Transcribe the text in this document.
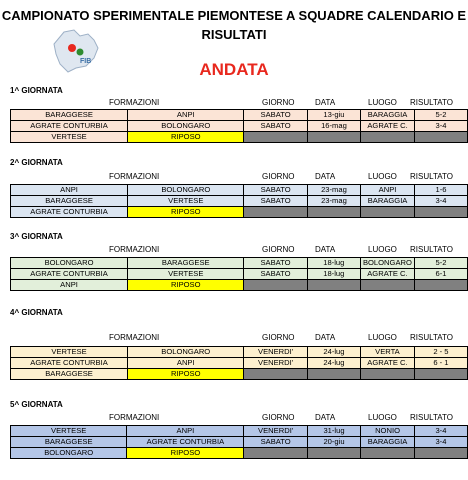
CAMPIONATO SPERIMENTALE PIEMONTESE A SQUADRE CALENDARIO E
RISULTATI
FIB	ANDATA
1^ GIORNATA
FORMAZIONI	GIORNO	DATA	LUOGO RISULTATO
BARAGGESE	ANPI	SABATO	13-giu	BARAGGIA	5-2
AGRATE CONTURBIA	BOLONGARO	SABATO	16-mag	AGRATE C.	3-4
VERTESE	RIPOSO				
2^ GIORNATA
FORMAZIONI	GIORNO	DATA	LUOGO RISULTATO
ANPI	BOLONGARO	SABATO	23-mag	ANPI	1-6
BARAGGESE	VERTESE	SABATO	23-mag	BARAGGIA	3-4
AGRATE CONTURBIA	RIPOSO				
3^ GIORNATA
FORMAZIONI	GIORNO	DATA	LUOGO RISULTATO
BOLONGARO	BARAGGESE	SABATO	18-lug	BOLONGARO	5-2
AGRATE CONTURBIA	VERTESE	SABATO	18-lug	AGRATE C.	6-1
ANPI	RIPOSO				
4^ GIORNATA
FORMAZIONI	GIORNO	DATA	LUOGO RISULTATO
VERTESE	BOLONGARO	VENERDI'	24-lug	VERTA	2 - 5
AGRATE CONTURBIA	ANPI	VENERDI'	24-lug	AGRATE C.	6 - 1
BARAGGESE	RIPOSO				
5^ GIORNATA
FORMAZIONI	GIORNO	DATA	LUOGO RISULTATO
VERTESE	ANPI	VENERDI'	31-lug	NONIO	3-4
BARAGGESE	AGRATE CONTURBIA	SABATO	20-giu	BARAGGIA	3-4
BOLONGARO	RIPOSO				
